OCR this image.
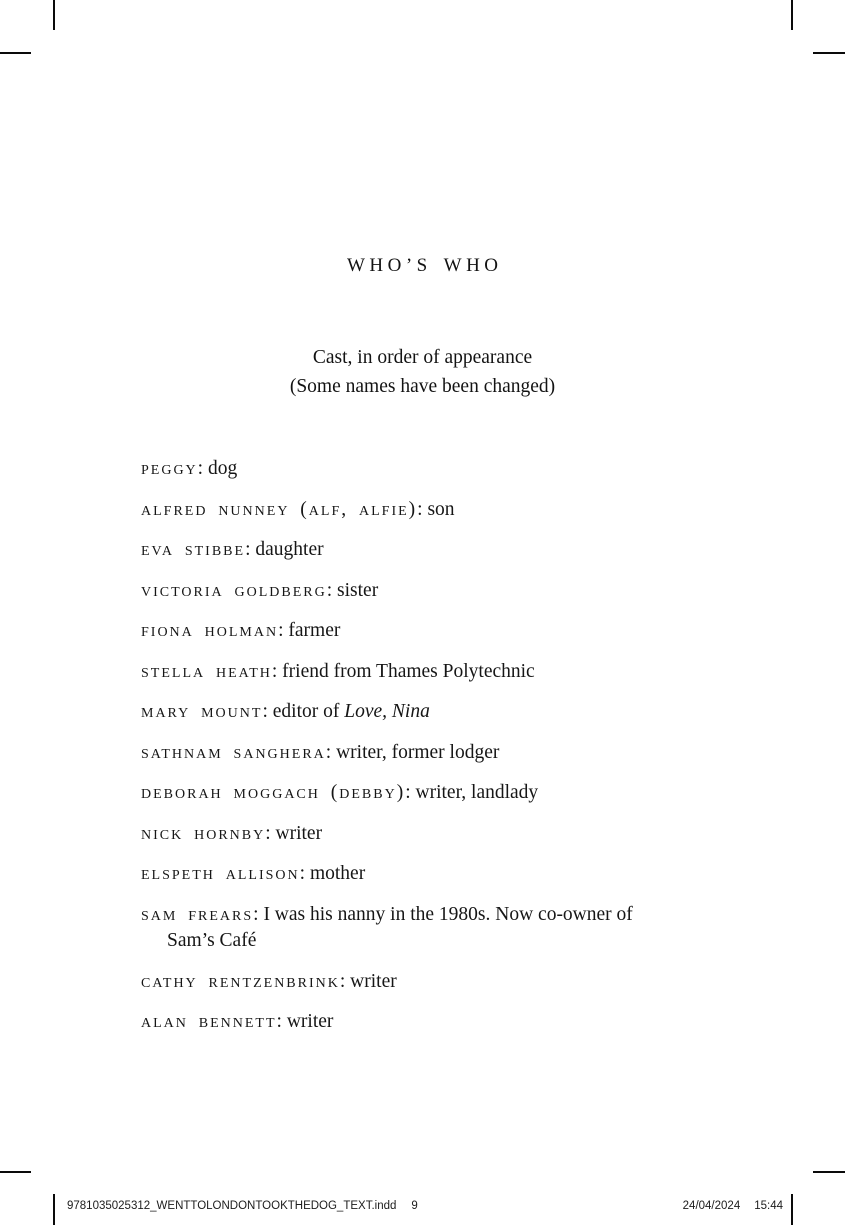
WHO’S WHO
Cast, in order of appearance
(Some names have been changed)

peggy: dog

alfred nunney (alf, alfie): son

eva stibbe: daughter

victoria goldberg: sister

fiona holman: farmer

stella heath: friend from Thames Polytechnic

mary mount: editor of Love, Nina

sathnam sanghera: writer, former lodger

deborah moggach (debby): writer, landlady

nick hornby: writer

elspeth allison: mother

sam frears: I was his nanny in the 1980s. Now co-owner of
Sam’s Café

cathy rentzenbrink: writer

alan bennett: writer

9781035025312_WENTTOLONDONTOOKTHEDOG_TEXT.indd 9	24/04/2024 15:44
